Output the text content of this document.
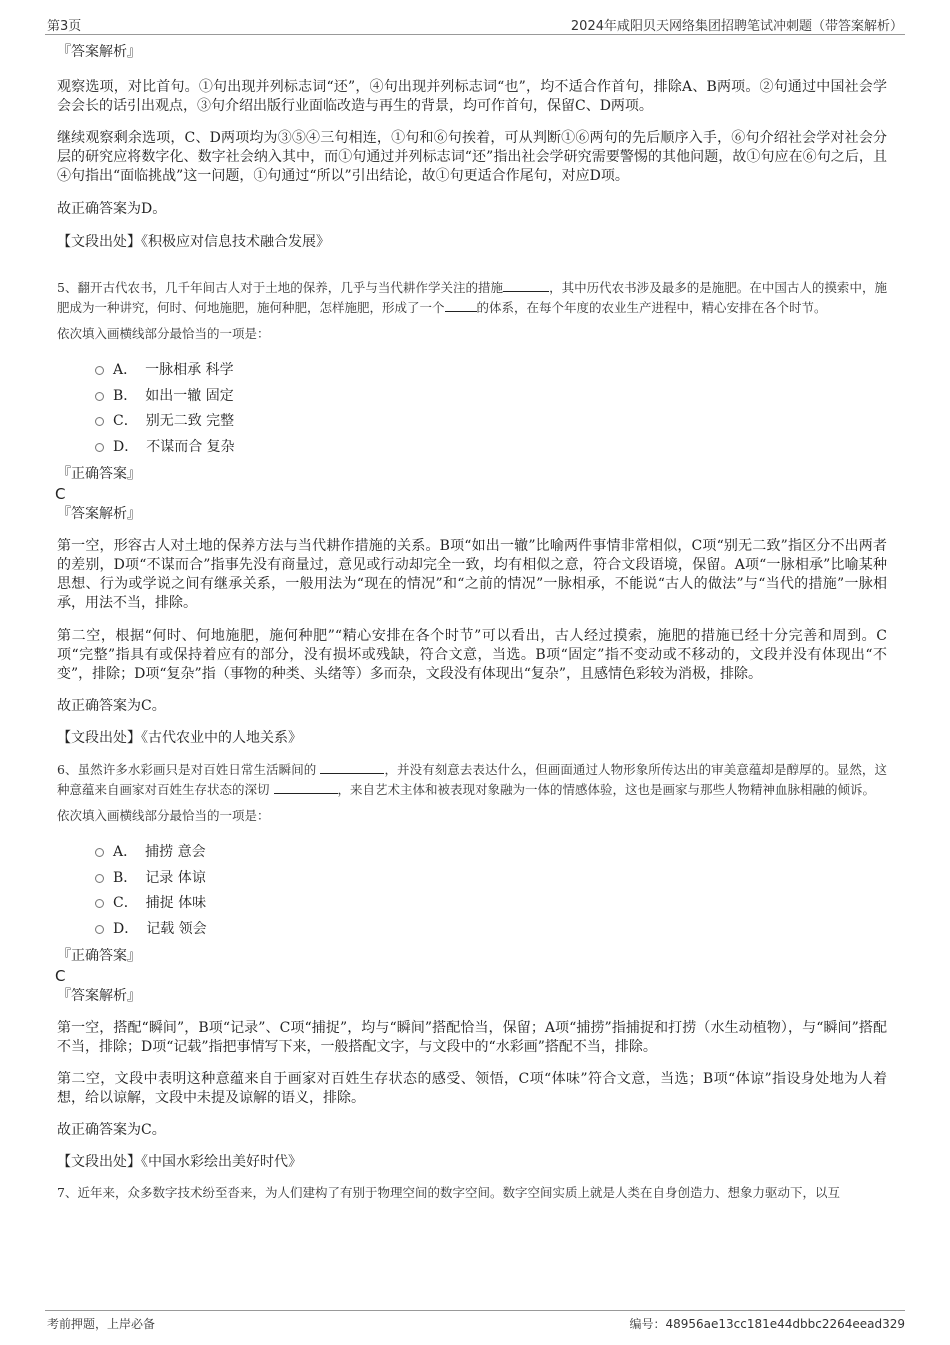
第3页	2024年咸阳贝天网络集团招聘笔试冲刺题（带答案解析）

『答案解析』

观察选项，对比首句。①句出现并列标志词“还”，④句出现并列标志词“也”，均不适合作首句，排除A、B两项。②句通过中国社会学会会长的话引出观点，③句介绍出版行业面临改造与再生的背景，均可作首句，保留C、D两项。

继续观察剩余选项，C、D两项均为③⑤④三句相连，①句和⑥句挨着，可从判断①⑥两句的先后顺序入手，⑥句介绍社会学对社会分层的研究应将数字化、数字社会纳入其中，而①句通过并列标志词“还”指出社会学研究需要警惕的其他问题，故①句应在⑥句之后，且④句指出“面临挑战”这一问题，①句通过“所以”引出结论，故①句更适合作尾句，对应D项。

故正确答案为D。

【文段出处】《积极应对信息技术融合发展》

5、翻开古代农书，几千年间古人对于土地的保养，几乎与当代耕作学关注的措施	，其中历代农书涉及最多的是施肥。在中国古人的摸索中，施肥成为一种讲究，何时、何地施肥，施何种肥，怎样施肥，形成了一个	的体系，在每个年度的农业生产进程中，精心安排在各个时节。

依次填入画横线部分最恰当的一项是：

A． 一脉相承 科学
B． 如出一辙 固定
C． 别无二致 完整
D． 不谋而合 复杂

『正确答案』

C

『答案解析』

第一空，形容古人对土地的保养方法与当代耕作措施的关系。B项“如出一辙”比喻两件事情非常相似，C项“别无二致”指区分不出两者的差别，D项“不谋而合”指事先没有商量过，意见或行动却完全一致，均有相似之意，符合文段语境，保留。A项“一脉相承”比喻某种思想、行为或学说之间有继承关系，一般用法为“现在的情况”和“之前的情况”一脉相承，不能说“古人的做法”与“当代的措施”一脉相承，用法不当，排除。

第二空，根据“何时、何地施肥，施何种肥”“精心安排在各个时节”可以看出，古人经过摸索，施肥的措施已经十分完善和周到。C项“完整”指具有或保持着应有的部分，没有损坏或残缺，符合文意，当选。B项“固定”指不变动或不移动的，文段并没有体现出“不变”，排除；D项“复杂”指（事物的种类、头绪等）多而杂，文段没有体现出“复杂”，且感情色彩较为消极，排除。

故正确答案为C。

【文段出处】《古代农业中的人地关系》

6、虽然许多水彩画只是对百姓日常生活瞬间的	，并没有刻意去表达什么，但画面通过人物形象所传达出的审美意蕴却是醇厚的。显然，这种意蕴来自画家对百姓生存状态的深切	，来自艺术主体和被表现对象融为一体的情感体验，这也是画家与那些人物精神血脉相融的倾诉。

依次填入画横线部分最恰当的一项是：

A． 捕捞 意会
B． 记录 体谅
C． 捕捉 体味
D． 记载 领会

『正确答案』

C

『答案解析』

第一空，搭配“瞬间”，B项“记录”、C项“捕捉”，均与“瞬间”搭配恰当，保留；A项“捕捞”指捕捉和打捞（水生动植物），与“瞬间”搭配不当，排除；D项“记载”指把事情写下来，一般搭配文字，与文段中的“水彩画”搭配不当，排除。

第二空，文段中表明这种意蕴来自于画家对百姓生存状态的感受、领悟，C项“体味”符合文意，当选；B项“体谅”指设身处地为人着想，给以谅解，文段中未提及谅解的语义，排除。

故正确答案为C。

【文段出处】《中国水彩绘出美好时代》

7、近年来，众多数字技术纷至沓来，为人们建构了有别于物理空间的数字空间。数字空间实质上就是人类在自身创造力、想象力驱动下，以互

考前押题，上岸必备	编号：48956ae13cc181e44dbbc2264eead329
